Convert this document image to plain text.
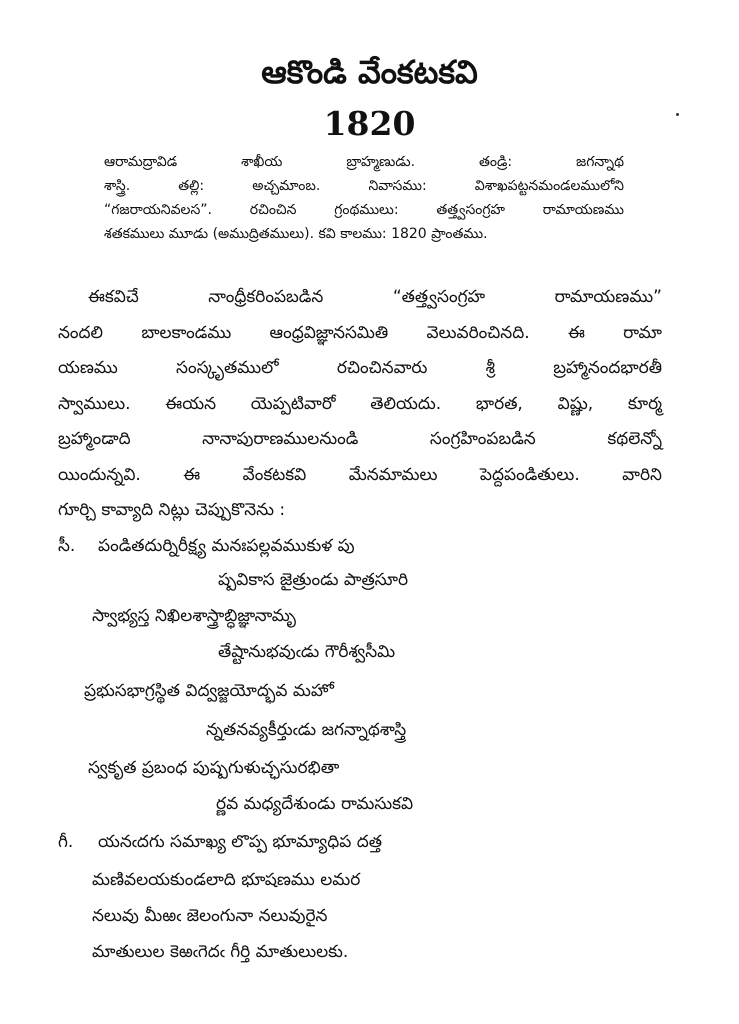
ఆకొండి వేంకటకవి
1820
ఆరామద్రావిడ శాఖీయ బ్రాహ్మణుడు. తండ్రి: జగన్నాథ
శాస్త్రి. తల్లి: అచ్చమాంబ. నివాసము: విశాఖపట్టనమండలములోని
“గజరాయనివలస”. రచించిన గ్రంథములు: తత్త్వసంగ్రహ రామాయణము
శతకములు మూడు (అముద్రితములు). కవి కాలము: 1820 ప్రాంతము.
ఈకవిచే నాంధ్రీకరింపబడిన “తత్త్వసంగ్రహ రామాయణము”
నందలి బాలకాండము ఆంధ్రవిజ్ఞానసమితి వెలువరించినది. ఈ రామా
యణము సంస్కృతములో రచించినవారు శ్రీ బ్రహ్మానందభారతీ
స్వాములు. ఈయన యెప్పటివారో తెలియదు. భారత, విష్ణు, కూర్మ
బ్రహ్మాండాది నానాపురాణములనుండి సంగ్రహింపబడిన కథలెన్నో
యిందున్నవి. ఈ వేంకటకవి మేనమామలు పెద్దపండితులు. వారిని
గూర్చి కావ్యాది నిట్లు చెప్పుకొనెను :
సీ. పండితదుర్నిరీక్ష్య మనఃపల్లవముకుళ పు
ష్పవికాస జైత్రుండు పాత్రసూరి
స్వాభ్యస్త నిఖిలశాస్త్రాబ్ధిజ్ఞానామృ
తేష్టానుభవుఁడు గౌరీశ్వసీమి
ప్రభుసభాగ్రస్థిత విద్వజ్జయోద్భవ మహో
న్నతనవ్యకీర్తుఁడు జగన్నాథశాస్త్రి
స్వకృత ప్రబంధ పుష్పగుళుచ్ఛసురభితా
ర్ణవ మధ్యదేశుండు రామసుకవి
గీ. యనఁదగు సమాఖ్య లొప్ప భూమ్యాధిప దత్త
మణివలయకుండలాది భూషణము లమర
నలువు మీఱఁ జెలంగునా నలువురైన
మాతులుల కెఱఁగెదఁ గీర్తి మాతులులకు.
